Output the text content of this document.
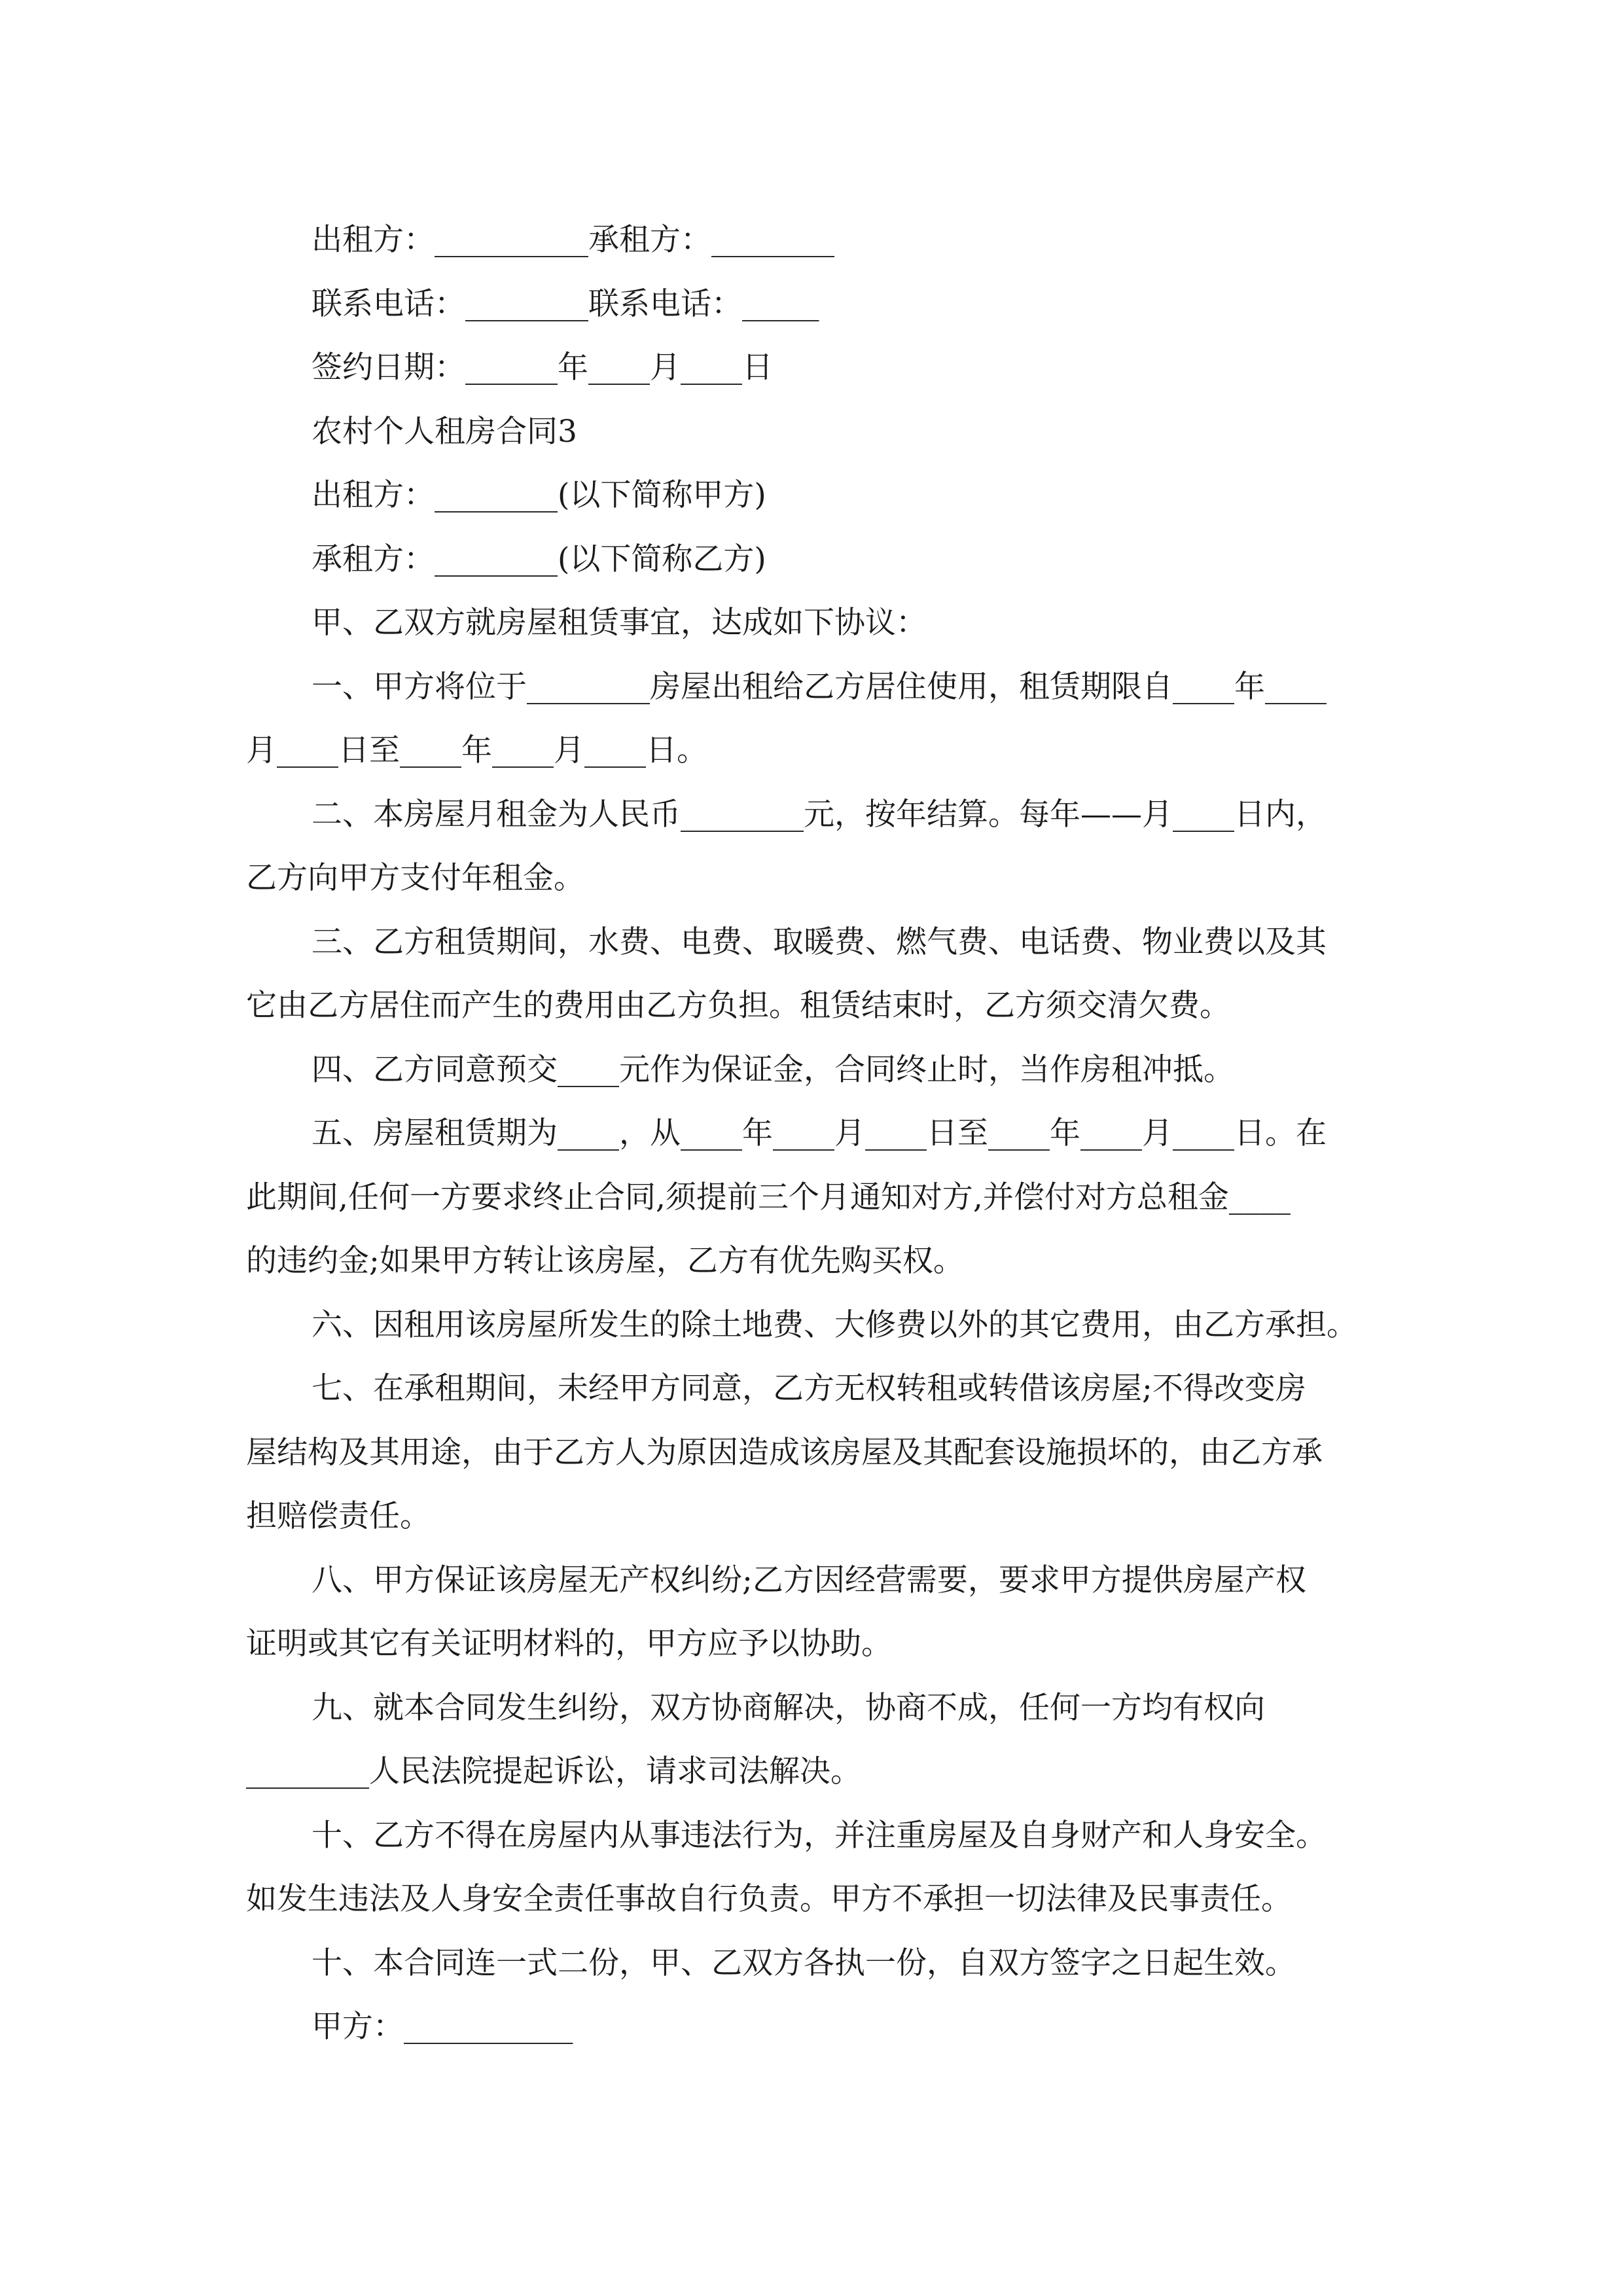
出租方：__________承租方：________
联系电话：________联系电话：_____
签约日期：______年____月____日
农村个人租房合同3
出租方：________(以下简称甲方)
承租方：________(以下简称乙方)
甲、乙双方就房屋租赁事宜，达成如下协议：
一、甲方将位于________房屋出租给乙方居住使用，租赁期限自____年____
月____日至____年____月____日。
二、本房屋月租金为人民币________元，按年结算。每年——月____日内，
乙方向甲方支付年租金。
三、乙方租赁期间，水费、电费、取暖费、燃气费、电话费、物业费以及其
它由乙方居住而产生的费用由乙方负担。租赁结束时，乙方须交清欠费。
四、乙方同意预交____元作为保证金，合同终止时，当作房租冲抵。
五、房屋租赁期为____，从____年____月____日至____年____月____日。在
此期间,任何一方要求终止合同,须提前三个月通知对方,并偿付对方总租金____
的违约金;如果甲方转让该房屋，乙方有优先购买权。
六、因租用该房屋所发生的除土地费、大修费以外的其它费用，由乙方承担。
七、在承租期间，未经甲方同意，乙方无权转租或转借该房屋;不得改变房
屋结构及其用途，由于乙方人为原因造成该房屋及其配套设施损坏的，由乙方承
担赔偿责任。
八、甲方保证该房屋无产权纠纷;乙方因经营需要，要求甲方提供房屋产权
证明或其它有关证明材料的，甲方应予以协助。
九、就本合同发生纠纷，双方协商解决，协商不成，任何一方均有权向
________人民法院提起诉讼，请求司法解决。
十、乙方不得在房屋内从事违法行为，并注重房屋及自身财产和人身安全。
如发生违法及人身安全责任事故自行负责。甲方不承担一切法律及民事责任。
十、本合同连一式二份，甲、乙双方各执一份，自双方签字之日起生效。
甲方：___________
